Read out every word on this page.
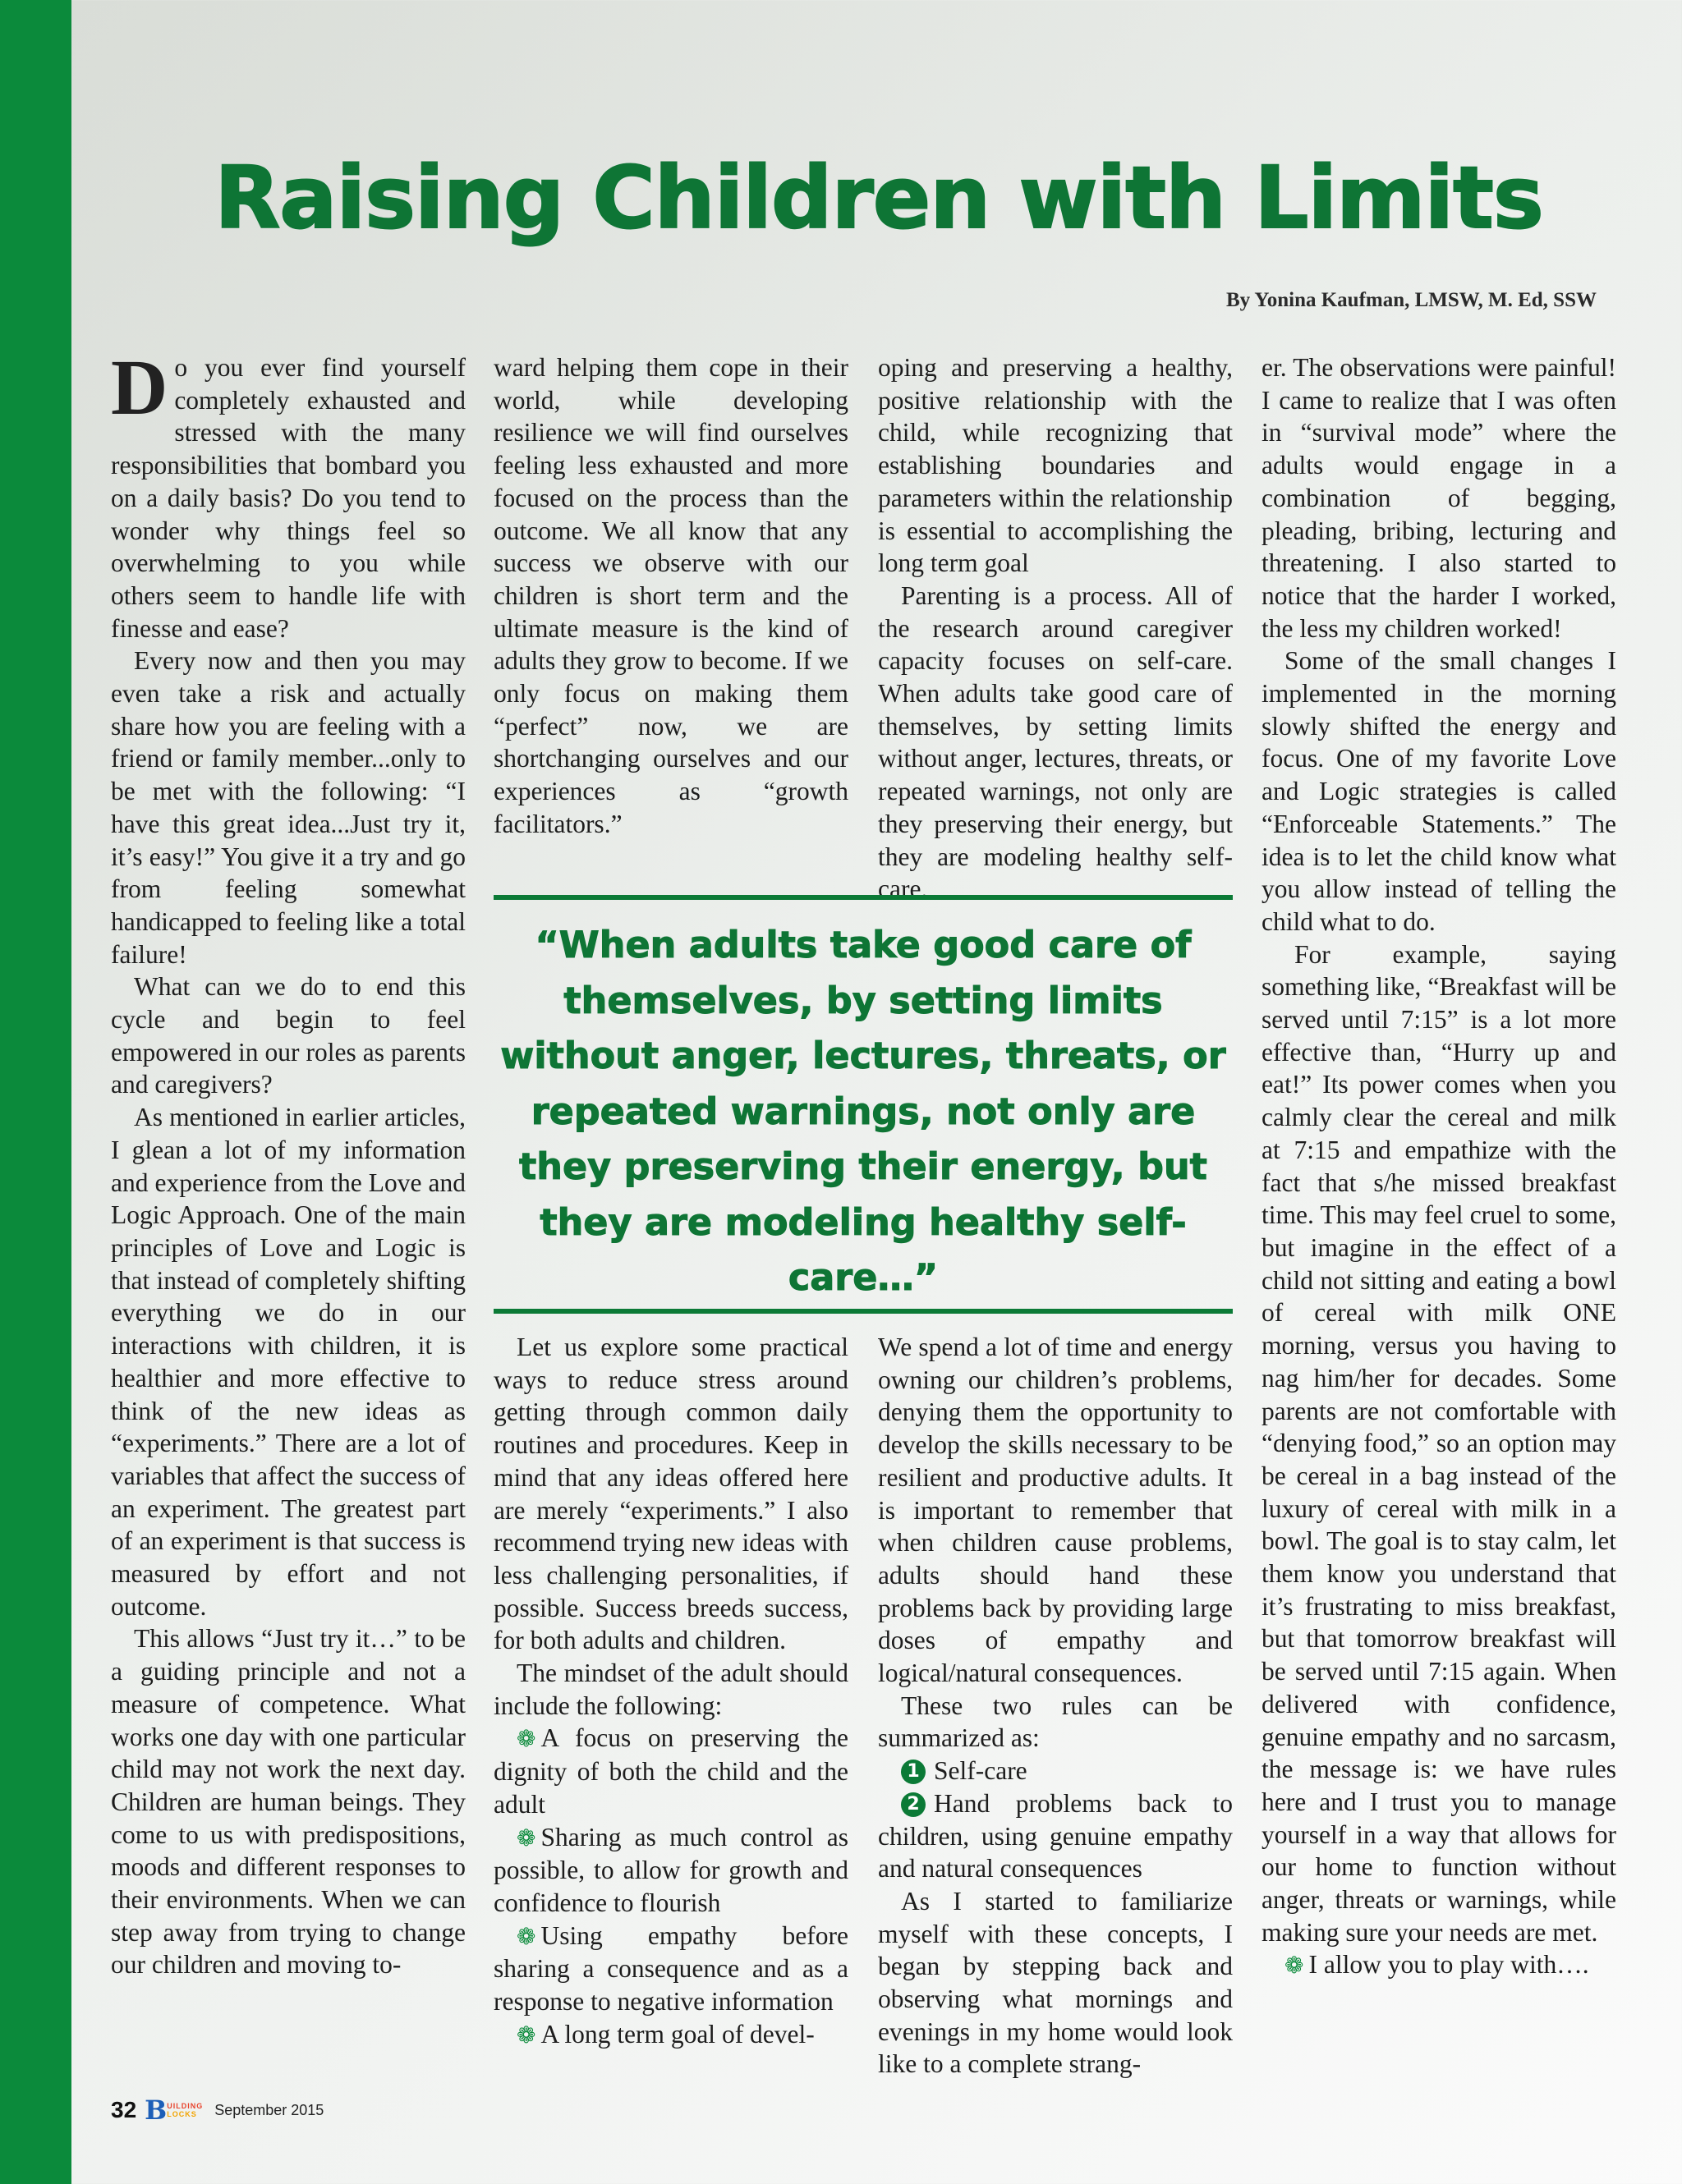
Raising Children with Limits
By Yonina Kaufman, LMSW, M. Ed, SSW

Do you ever find yourself completely exhausted and stressed with the many responsibilities that bombard you on a daily basis? Do you tend to wonder why things feel so overwhelming to you while others seem to handle life with finesse and ease?

Every now and then you may even take a risk and actually share how you are feeling with a friend or family member...only to be met with the following: “I have this great idea...Just try it, it’s easy!” You give it a try and go from feeling somewhat handicapped to feeling like a total failure!

What can we do to end this cycle and begin to feel empowered in our roles as parents and caregivers?

As mentioned in earlier articles, I glean a lot of my information and experience from the Love and Logic Approach. One of the main principles of Love and Logic is that instead of completely shifting everything we do in our interactions with children, it is healthier and more effective to think of the new ideas as “experiments.” There are a lot of variables that affect the success of an experiment. The greatest part of an experiment is that success is measured by effort and not outcome.

This allows “Just try it…” to be a guiding principle and not a measure of competence. What works one day with one particular child may not work the next day. Children are human beings. They come to us with predispositions, moods and different responses to their environments. When we can step away from trying to change our children and moving to-

ward helping them cope in their world, while developing resilience we will find ourselves feeling less exhausted and more focused on the process than the outcome. We all know that any success we observe with our children is short term and the ultimate measure is the kind of adults they grow to become. If we only focus on making them “perfect” now, we are shortchanging ourselves and our experiences as “growth facilitators.”

oping and preserving a healthy, positive relationship with the child, while recognizing that establishing boundaries and parameters within the relationship is essential to accomplishing the long term goal

Parenting is a process. All of the research around caregiver capacity focuses on self-care. When adults take good care of themselves, by setting limits without anger, lectures, threats, or repeated warnings, not only are they preserving their energy, but they are modeling healthy self-care.

“When adults take good care of themselves, by setting limits without anger, lectures, threats, or repeated warnings, not only are they preserving their energy, but they are modeling healthy self-care…”

Let us explore some practical ways to reduce stress around getting through common daily routines and procedures. Keep in mind that any ideas offered here are merely “experiments.” I also recommend trying new ideas with less challenging personalities, if possible. Success breeds success, for both adults and children.

The mindset of the adult should include the following:

❁ A focus on preserving the dignity of both the child and the adult

❁ Sharing as much control as possible, to allow for growth and confidence to flourish

❁ Using empathy before sharing a consequence and as a response to negative information

❁ A long term goal of devel-

We spend a lot of time and energy owning our children’s problems, denying them the opportunity to develop the skills necessary to be resilient and productive adults. It is important to remember that when children cause problems, adults should hand these problems back by providing large doses of empathy and logical/natural consequences.

These two rules can be summarized as:

1 Self-care

2 Hand problems back to children, using genuine empathy and natural consequences

As I started to familiarize myself with these concepts, I began by stepping back and observing what mornings and evenings in my home would look like to a complete strang-

er. The observations were painful! I came to realize that I was often in “survival mode” where the adults would engage in a combination of begging, pleading, bribing, lecturing and threatening. I also started to notice that the harder I worked, the less my children worked!

Some of the small changes I implemented in the morning slowly shifted the energy and focus. One of my favorite Love and Logic strategies is called “Enforceable Statements.” The idea is to let the child know what you allow instead of telling the child what to do.

For example, saying something like, “Breakfast will be served until 7:15” is a lot more effective than, “Hurry up and eat!” Its power comes when you calmly clear the cereal and milk at 7:15 and empathize with the fact that s/he missed breakfast time. This may feel cruel to some, but imagine in the effect of a child not sitting and eating a bowl of cereal with milk ONE morning, versus you having to nag him/her for decades. Some parents are not comfortable with “denying food,” so an option may be cereal in a bag instead of the luxury of cereal with milk in a bowl. The goal is to stay calm, let them know you understand that it’s frustrating to miss breakfast, but that tomorrow breakfast will be served until 7:15 again. When delivered with confidence, genuine empathy and no sarcasm, the message is: we have rules here and I trust you to manage yourself in a way that allows for our home to function without anger, threats or warnings, while making sure your needs are met.

❁ I allow you to play with….

32 B UILDING
LOCKS	September 2015
